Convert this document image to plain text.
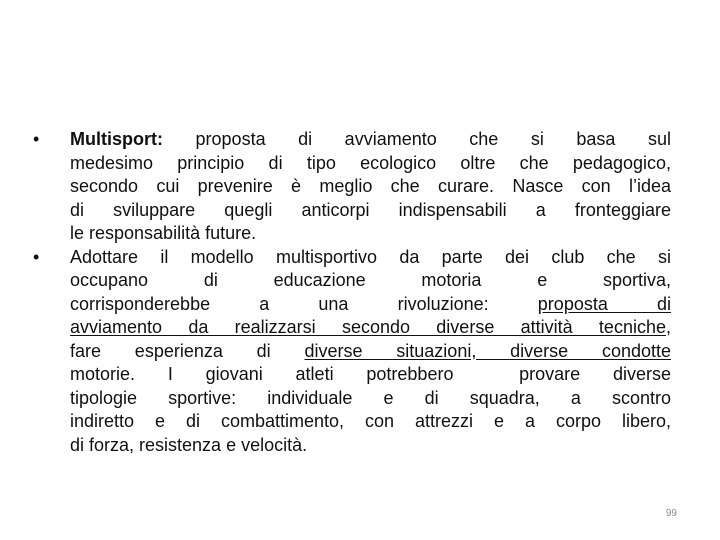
•	Multisport: proposta di avviamento che si basa sul
medesimo principio di tipo ecologico oltre che pedagogico,
secondo cui prevenire è meglio che curare. Nasce con l’idea
di sviluppare quegli anticorpi indispensabili a fronteggiare
le responsabilità future.
•	Adottare il modello multisportivo da parte dei club che si
occupano di educazione motoria e sportiva,
corrisponderebbe a una rivoluzione: proposta di
avviamento da realizzarsi secondo diverse attività tecniche,
fare esperienza di diverse situazioni, diverse condotte
motorie. I giovani atleti potrebbero  provare diverse
tipologie sportive: individuale e di squadra, a scontro
indiretto e di combattimento, con attrezzi e a corpo libero,
di forza, resistenza e velocità.
99
